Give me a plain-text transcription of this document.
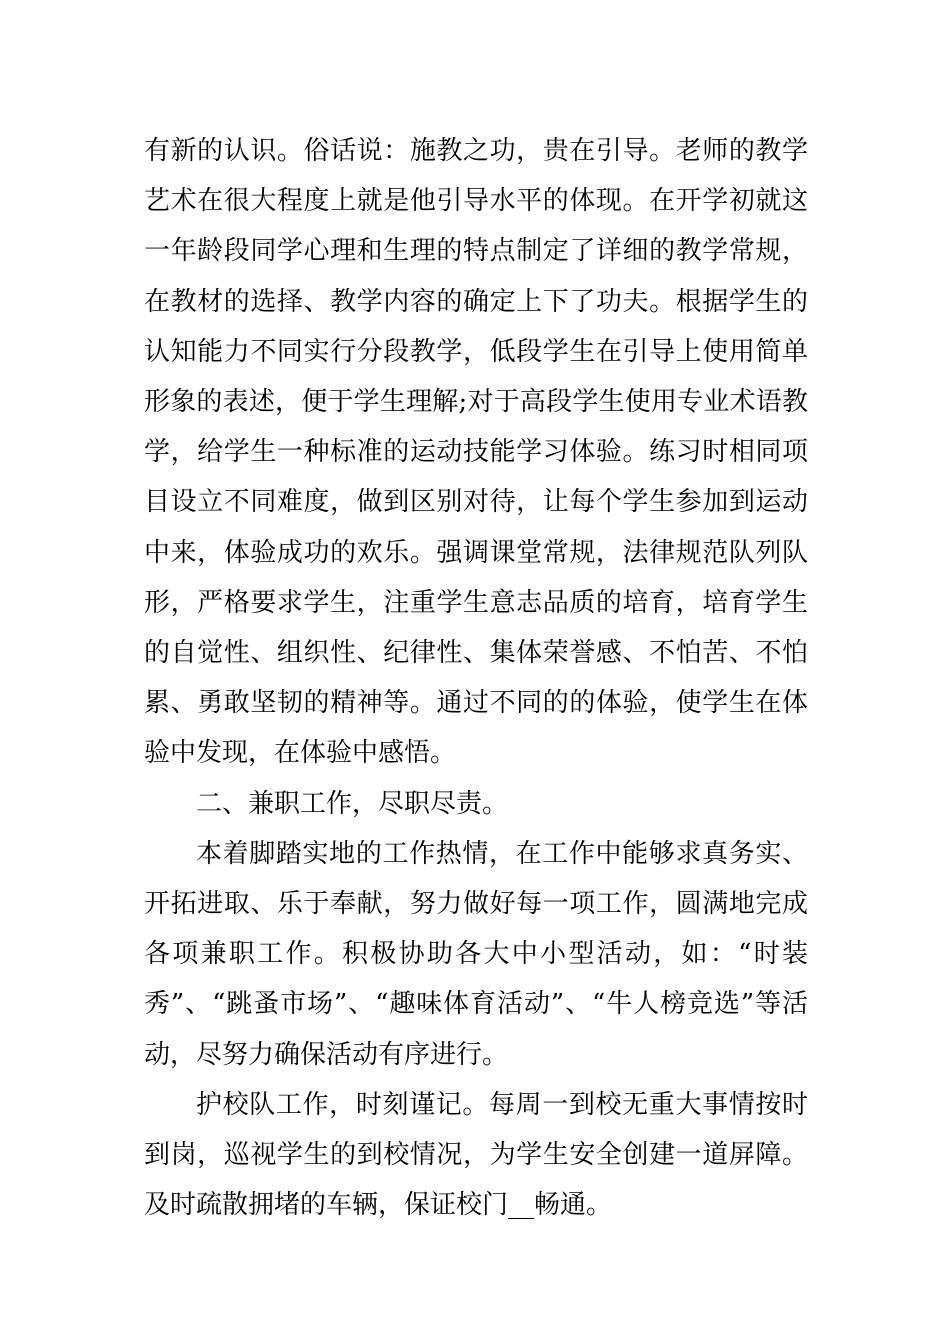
有新的认识。俗话说：施教之功，贵在引导。老师的教学艺术在很大程度上就是他引导水平的体现。在开学初就这一年龄段同学心理和生理的特点制定了详细的教学常规，在教材的选择、教学内容的确定上下了功夫。根据学生的认知能力不同实行分段教学，低段学生在引导上使用简单形象的表述，便于学生理解;对于高段学生使用专业术语教学，给学生一种标准的运动技能学习体验。练习时相同项目设立不同难度，做到区别对待，让每个学生参加到运动中来，体验成功的欢乐。强调课堂常规，法律规范队列队形，严格要求学生，注重学生意志品质的培育，培育学生的自觉性、组织性、纪律性、集体荣誉感、不怕苦、不怕累、勇敢坚韧的精神等。通过不同的的体验，使学生在体验中发现，在体验中感悟。

二、兼职工作，尽职尽责。

本着脚踏实地的工作热情，在工作中能够求真务实、开拓进取、乐于奉献，努力做好每一项工作，圆满地完成各项兼职工作。积极协助各大中小型活动，如：“时装秀”、“跳蚤市场”、“趣味体育活动”、“牛人榜竞选”等活动，尽努力确保活动有序进行。

护校队工作，时刻谨记。每周一到校无重大事情按时到岗，巡视学生的到校情况，为学生安全创建一道屏障。及时疏散拥堵的车辆，保证校门__畅通。
